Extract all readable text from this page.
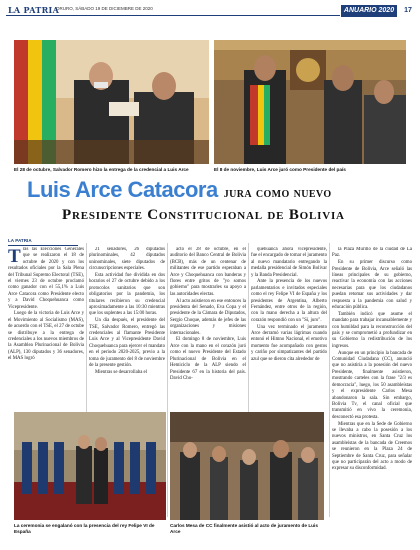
LA PATRIA
ORURO, SÁBADO 19 DE DICIEMBRE DE 2020	ANUARIO 2020	17
El 28 de octubre, Salvador Romero hizo la entrega de la credencial a Luis Arce	El 8 de noviembre, Luis Arce juró como Presidente del país
Luis Arce Catacora jura como nuevo
Presidente Constitucional de Bolivia
LA PATRIA

Tras las Elecciones Generales que se realizaron el 18 de octubre de 2020 y con los resultados oficiales por la Sala Plena del Tribunal Supremo Electoral (TSE), el viernes 23 de octubre proclamó como ganador con el 55,1% a Luis Arce Catacora como Presidente electo y a David Choquehuanca como Vicepresidente.

Luego de la victoria de Luis Arce y el Movimiento al Socialismo (MAS), de acuerdo con el TSE, el 27 de octube se distribuye a la entrega de credenciales a los nuevos miembros de la Asamblea Plurinacional de Bolivia (ALP), 130 diputados y 36 senadores, el MAS logró

21 senadores, 26 diputados plurinominales, 42 diputados uninominales, siete diputados de circunscripciones especiales.

Esta actividad fue dividida en dos horarios el 27 de octubre debido a los protocolos sanitarios que son obligatorios por la pandemia, los titulares recibieron su credencial aproximadamente a las 10:30 mientras que los suplentes a las 15:00 horas.

Un día después, el presidente del TSE, Salvador Romero, entregó las credenciales al flamante Presidente Luis Arce y al Vicepresidente David Choquehuanca para ejercer el mandato en el periodo 2020-2025, previo a la toma de juramento del 8 de noviembre de la presente gestión.

Mientras se desarrollaba el

acto el 28 de octubre, en el auditorio del Banco Central de Bolivia (BCB), más de un centenar de militantes de ese partido esperaban a Arce y Choquehuanca con banderas y flores entre gritos de "yo somos gobierno" para mostrarles su apoyo a las autoridades electas.

Al acto asistieron en ese entonces la presidenta del Senado, Eva Copa y el presidente de la Cámara de Diputados, Sergio Choque, además de jefes de las organizaciones y misiones internacionales.

El domingo 8 de noviembre, Luis Arce con la mano en el corazón juró como el nuevo Presidente del Estado Plurinacional de Bolivia en el Hemiciclo de la ALP siendo el Presidente 67 en la historia del país. David Cho-

quehuanca ahora vicepresidente, fue el encargado de tomar el juramento al nuevo mandatario entregando la medalla presidencial de Simón Bolívar y la Banda Presidencial.

Ante la presencia de los nuevos parlamentarios e invitados especiales como el rey Felipe VI de España y los presidentes de Argentina, Alberto Fernández, entre otros de la región, con la mano derecha a la altura del corazón respondió con un "Sí, juro".

Una vez terminado el juramento Arce derramó varias lágrimas cuando entonó el Himno Nacional, el emotivo momento fue acompañado con gestos y cariño por simpatizantes del partido azul que se dieron cita alrededor de

la Plaza Murillo de la ciudad de La Paz.

En su primer discurso como Presidente de Bolivia, Arce señaló las líneas principales de su gobierno, reactivar la economía con las acciones necesarias para que los ciudadanos puedan retomar sus actividades y dar respuesta a la pandemia con salud y educación pública.

También indicó que asume el mandato para trabajar incansablemente y con humildad para la reconstrucción del país y se comprometió a profundizar en su Gobierno la redistribución de los ingresos.

Aunque en un principio la bancada de Comunidad Ciudadana (CC), anunció que no asistiría a la posesión del nuevo Presidente, finalmente asistieron, mostrando carteles con la frase "2/3 es democracia", luego, los 50 asambleístas y el expresidente Carlos Mesa abandonaron la sala. Sin embargo, Bolivia Tv, el canal oficial que transmitió en vivo la ceremonia, desconectó esa protesta.

Mientras que en la Sede de Gobierno se llevaba a cabo la posesión a los nuevos ministros, en Santa Cruz los asambleístas de la bancada de Creemos se reunieron en la Plaza 24 de Septiembre de Santa Cruz, para señalar que no participarán del acto a modo de expresar su disconformidad.

La ceremonia se engalanó con la presencia del rey Felipe VI de España
Carlos Mesa de CC finalmente asistió al acto de juramento de Luis Arce
